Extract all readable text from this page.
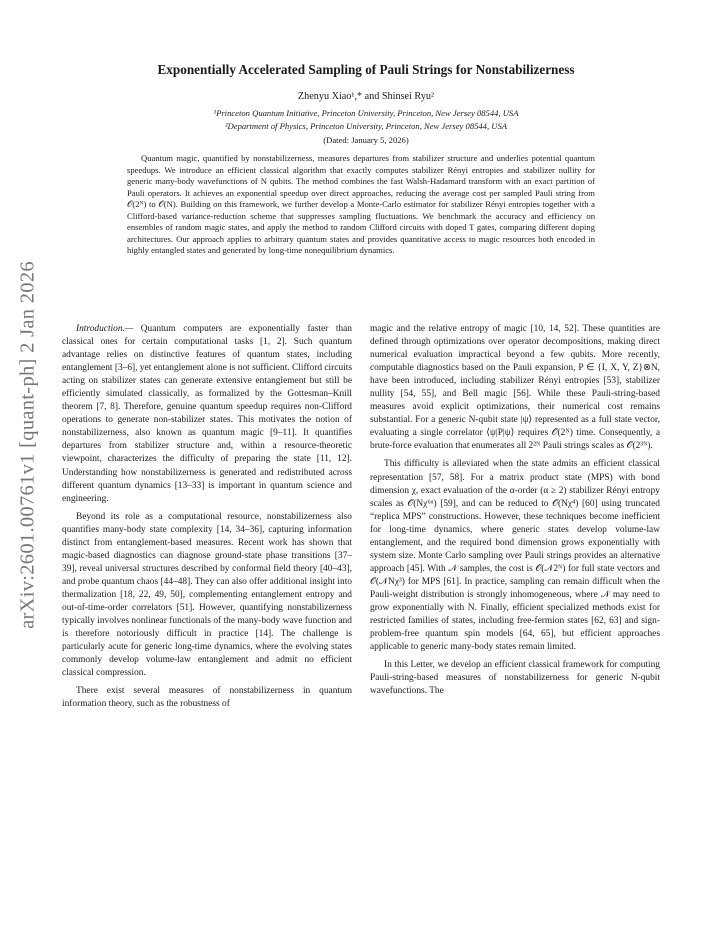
arXiv:2601.00761v1 [quant-ph] 2 Jan 2026
Exponentially Accelerated Sampling of Pauli Strings for Nonstabilizerness
Zhenyu Xiao¹,* and Shinsei Ryu²
¹Princeton Quantum Initiative, Princeton University, Princeton, New Jersey 08544, USA
²Department of Physics, Princeton University, Princeton, New Jersey 08544, USA
(Dated: January 5, 2026)
Quantum magic, quantified by nonstabilizerness, measures departures from stabilizer structure and underlies potential quantum speedups. We introduce an efficient classical algorithm that exactly computes stabilizer Rényi entropies and stabilizer nullity for generic many-body wavefunctions of N qubits. The method combines the fast Walsh-Hadamard transform with an exact partition of Pauli operators. It achieves an exponential speedup over direct approaches, reducing the average cost per sampled Pauli string from 𝒪(2ᴺ) to 𝒪(N). Building on this framework, we further develop a Monte-Carlo estimator for stabilizer Rényi entropies together with a Clifford-based variance-reduction scheme that suppresses sampling fluctuations. We benchmark the accuracy and efficiency on ensembles of random magic states, and apply the method to random Clifford circuits with doped T gates, comparing different doping architectures. Our approach applies to arbitrary quantum states and provides quantitative access to magic resources both encoded in highly entangled states and generated by long-time nonequilibrium dynamics.

Introduction.— Quantum computers are exponentially faster than classical ones for certain computational tasks [1, 2]. Such quantum advantage relies on distinctive features of quantum states, including entanglement [3–6], yet entanglement alone is not sufficient. Clifford circuits acting on stabilizer states can generate extensive entanglement but still be efficiently simulated classically, as formalized by the Gottesman–Knill theorem [7, 8]. Therefore, genuine quantum speedup requires non-Clifford operations to generate non-stabilizer states. This motivates the notion of nonstabilizerness, also known as quantum magic [9–11]. It quantifies departures from stabilizer structure and, within a resource-theoretic viewpoint, characterizes the difficulty of preparing the state [11, 12]. Understanding how nonstabilizerness is generated and redistributed across different quantum dynamics [13–33] is important in quantum science and engineering.

Beyond its role as a computational resource, nonstabilizerness also quantifies many-body state complexity [14, 34–36], capturing information distinct from entanglement-based measures. Recent work has shown that magic-based diagnostics can diagnose ground-state phase transitions [37–39], reveal universal structures described by conformal field theory [40–43], and probe quantum chaos [44–48]. They can also offer additional insight into thermalization [18, 22, 49, 50], complementing entanglement entropy and out-of-time-order correlators [51]. However, quantifying nonstabilizerness typically involves nonlinear functionals of the many-body wave function and is therefore notoriously difficult in practice [14]. The challenge is particularly acute for generic long-time dynamics, where the evolving states commonly develop volume-law entanglement and admit no efficient classical compression.

There exist several measures of nonstabilizerness in quantum information theory, such as the robustness of

magic and the relative entropy of magic [10, 14, 52]. These quantities are defined through optimizations over operator decompositions, making direct numerical evaluation impractical beyond a few qubits. More recently, computable diagnostics based on the Pauli expansion, P ∈ {I, X, Y, Z}⊗N, have been introduced, including stabilizer Rényi entropies [53], stabilizer nullity [54, 55], and Bell magic [56]. While these Pauli-string-based measures avoid explicit optimizations, their numerical cost remains substantial. For a generic N-qubit state |ψ⟩ represented as a full state vector, evaluating a single correlator ⟨ψ|P|ψ⟩ requires 𝒪(2ᴺ) time. Consequently, a brute-force evaluation that enumerates all 2²ᴺ Pauli strings scales as 𝒪(2³ᴺ).

This difficulty is alleviated when the state admits an efficient classical representation [57, 58]. For a matrix product state (MPS) with bond dimension χ, exact evaluation of the α-order (α ≥ 2) stabilizer Rényi entropy scales as 𝒪(Nχ⁶ᵅ) [59], and can be reduced to 𝒪(Nχ⁴) [60] using truncated “replica MPS” constructions. However, these techniques become inefficient for long-time dynamics, where generic states develop volume-law entanglement, and the required bond dimension grows exponentially with system size. Monte Carlo sampling over Pauli strings provides an alternative approach [45]. With 𝒩 samples, the cost is 𝒪(𝒩2ᴺ) for full state vectors and 𝒪(𝒩Nχ³) for MPS [61]. In practice, sampling can remain difficult when the Pauli-weight distribution is strongly inhomogeneous, where 𝒩 may need to grow exponentially with N. Finally, efficient specialized methods exist for restricted families of states, including free-fermion states [62, 63] and sign-problem-free quantum spin models [64, 65], but efficient approaches applicable to generic many-body states remain limited.

In this Letter, we develop an efficient classical framework for computing Pauli-string-based measures of nonstabilizerness for generic N-qubit wavefunctions. The
